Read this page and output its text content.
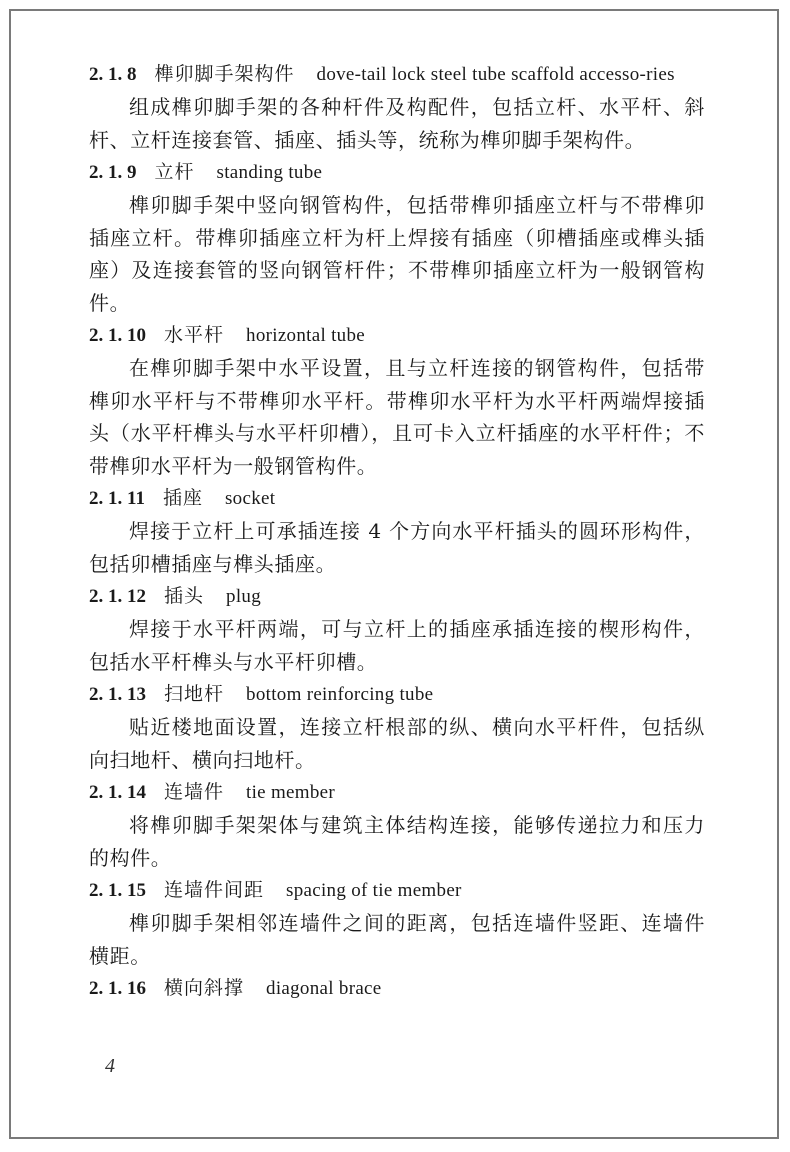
2. 1. 8 榫卯脚手架构件 dove-tail lock steel tube scaffold accesso-ries

组成榫卯脚手架的各种杆件及构配件，包括立杆、水平杆、斜杆、立杆连接套管、插座、插头等，统称为榫卯脚手架构件。

2. 1. 9 立杆 standing tube

榫卯脚手架中竖向钢管构件，包括带榫卯插座立杆与不带榫卯插座立杆。带榫卯插座立杆为杆上焊接有插座（卯槽插座或榫头插座）及连接套管的竖向钢管杆件；不带榫卯插座立杆为一般钢管构件。

2. 1. 10 水平杆 horizontal tube

在榫卯脚手架中水平设置，且与立杆连接的钢管构件，包括带榫卯水平杆与不带榫卯水平杆。带榫卯水平杆为水平杆两端焊接插头（水平杆榫头与水平杆卯槽），且可卡入立杆插座的水平杆件；不带榫卯水平杆为一般钢管构件。

2. 1. 11 插座 socket

焊接于立杆上可承插连接 4 个方向水平杆插头的圆环形构件，包括卯槽插座与榫头插座。

2. 1. 12 插头 plug

焊接于水平杆两端，可与立杆上的插座承插连接的楔形构件，包括水平杆榫头与水平杆卯槽。

2. 1. 13 扫地杆 bottom reinforcing tube

贴近楼地面设置，连接立杆根部的纵、横向水平杆件，包括纵向扫地杆、横向扫地杆。

2. 1. 14 连墙件 tie member

将榫卯脚手架架体与建筑主体结构连接，能够传递拉力和压力的构件。

2. 1. 15 连墙件间距 spacing of tie member

榫卯脚手架相邻连墙件之间的距离，包括连墙件竖距、连墙件横距。

2. 1. 16 横向斜撑 diagonal brace
4
